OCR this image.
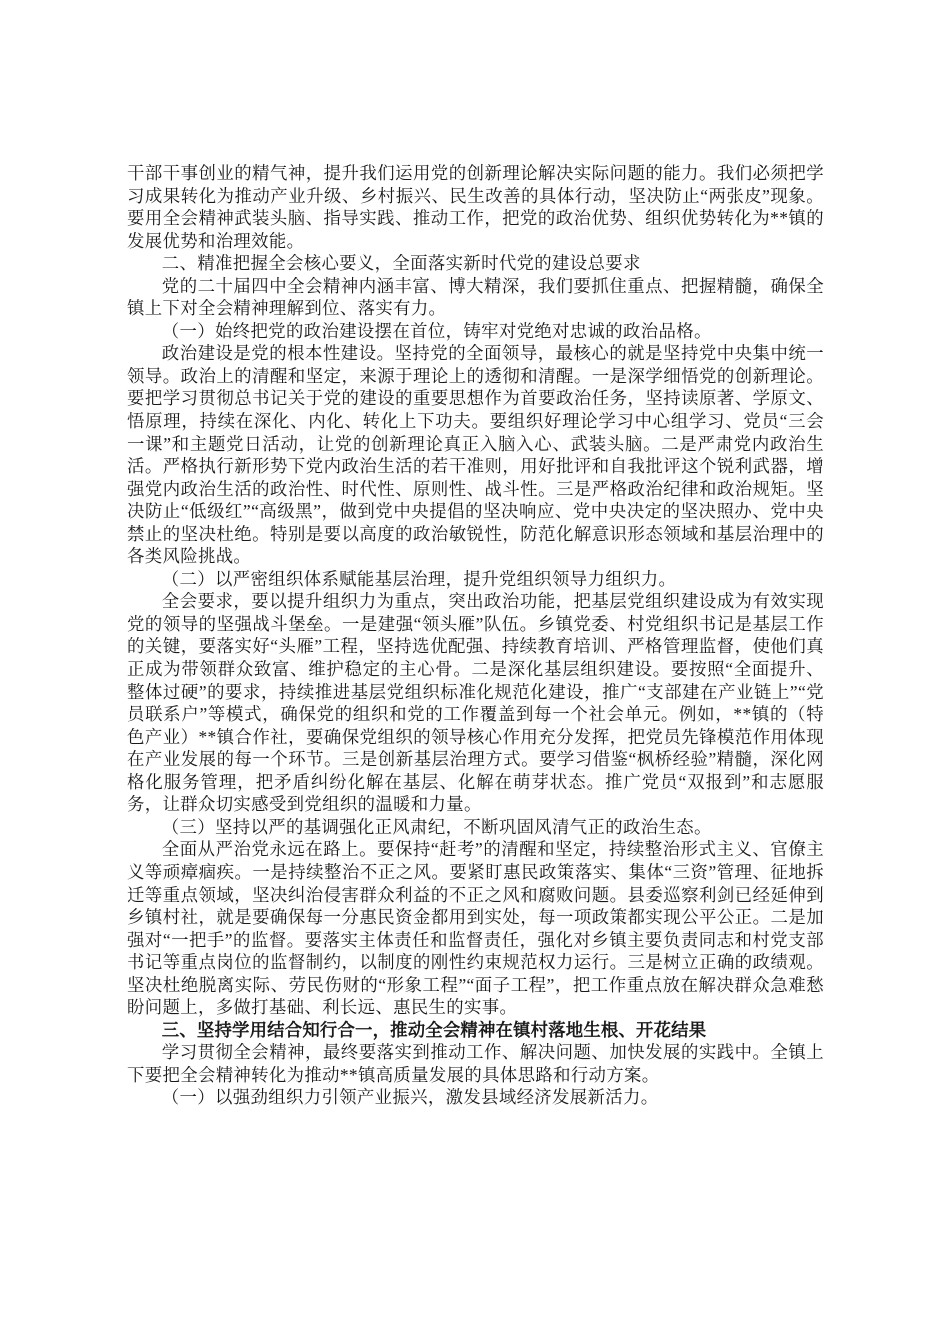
干部干事创业的精气神，提升我们运用党的创新理论解决实际问题的能力。我们必须把学习成果转化为推动产业升级、乡村振兴、民生改善的具体行动，坚决防止“两张皮”现象。要用全会精神武装头脑、指导实践、推动工作，把党的政治优势、组织优势转化为**镇的发展优势和治理效能。

二、精准把握全会核心要义，全面落实新时代党的建设总要求

党的二十届四中全会精神内涵丰富、博大精深，我们要抓住重点、把握精髓，确保全镇上下对全会精神理解到位、落实有力。

（一）始终把党的政治建设摆在首位，铸牢对党绝对忠诚的政治品格。

政治建设是党的根本性建设。坚持党的全面领导，最核心的就是坚持党中央集中统一领导。政治上的清醒和坚定，来源于理论上的透彻和清醒。一是深学细悟党的创新理论。要把学习贯彻总书记关于党的建设的重要思想作为首要政治任务，坚持读原著、学原文、悟原理，持续在深化、内化、转化上下功夫。要组织好理论学习中心组学习、党员“三会一课”和主题党日活动，让党的创新理论真正入脑入心、武装头脑。二是严肃党内政治生活。严格执行新形势下党内政治生活的若干准则，用好批评和自我批评这个锐利武器，增强党内政治生活的政治性、时代性、原则性、战斗性。三是严格政治纪律和政治规矩。坚决防止“低级红”“高级黑”，做到党中央提倡的坚决响应、党中央决定的坚决照办、党中央禁止的坚决杜绝。特别是要以高度的政治敏锐性，防范化解意识形态领域和基层治理中的各类风险挑战。

（二）以严密组织体系赋能基层治理，提升党组织领导力组织力。

全会要求，要以提升组织力为重点，突出政治功能，把基层党组织建设成为有效实现党的领导的坚强战斗堡垒。一是建强“领头雁”队伍。乡镇党委、村党组织书记是基层工作的关键，要落实好“头雁”工程，坚持选优配强、持续教育培训、严格管理监督，使他们真正成为带领群众致富、维护稳定的主心骨。二是深化基层组织建设。要按照“全面提升、整体过硬”的要求，持续推进基层党组织标准化规范化建设，推广“支部建在产业链上”“党员联系户”等模式，确保党的组织和党的工作覆盖到每一个社会单元。例如，**镇的（特色产业）**镇合作社，要确保党组织的领导核心作用充分发挥，把党员先锋模范作用体现在产业发展的每一个环节。三是创新基层治理方式。要学习借鉴“枫桥经验”精髓，深化网格化服务管理，把矛盾纠纷化解在基层、化解在萌芽状态。推广党员“双报到”和志愿服务，让群众切实感受到党组织的温暖和力量。

（三）坚持以严的基调强化正风肃纪，不断巩固风清气正的政治生态。

全面从严治党永远在路上。要保持“赶考”的清醒和坚定，持续整治形式主义、官僚主义等顽瘴痼疾。一是持续整治不正之风。要紧盯惠民政策落实、集体“三资”管理、征地拆迁等重点领域，坚决纠治侵害群众利益的不正之风和腐败问题。县委巡察利剑已经延伸到乡镇村社，就是要确保每一分惠民资金都用到实处，每一项政策都实现公平公正。二是加强对“一把手”的监督。要落实主体责任和监督责任，强化对乡镇主要负责同志和村党支部书记等重点岗位的监督制约，以制度的刚性约束规范权力运行。三是树立正确的政绩观。坚决杜绝脱离实际、劳民伤财的“形象工程”“面子工程”，把工作重点放在解决群众急难愁盼问题上，多做打基础、利长远、惠民生的实事。

三、坚持学用结合知行合一，推动全会精神在镇村落地生根、开花结果

学习贯彻全会精神，最终要落实到推动工作、解决问题、加快发展的实践中。全镇上下要把全会精神转化为推动**镇高质量发展的具体思路和行动方案。

（一）以强劲组织力引领产业振兴，激发县域经济发展新活力。
